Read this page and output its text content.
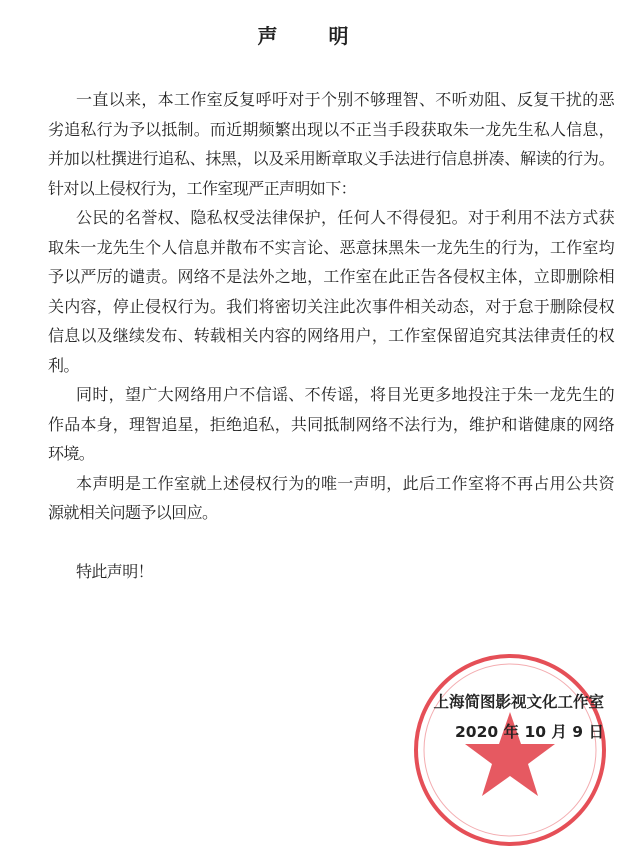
声 明
一直以来，本工作室反复呼吁对于个别不够理智、不听劝阻、反复干扰的恶
劣追私行为予以抵制。而近期频繁出现以不正当手段获取朱一龙先生私人信息，
并加以杜撰进行追私、抹黑，以及采用断章取义手法进行信息拼凑、解读的行为。
针对以上侵权行为，工作室现严正声明如下：
公民的名誉权、隐私权受法律保护，任何人不得侵犯。对于利用不法方式获
取朱一龙先生个人信息并散布不实言论、恶意抹黑朱一龙先生的行为，工作室均
予以严厉的谴责。网络不是法外之地，工作室在此正告各侵权主体，立即删除相
关内容，停止侵权行为。我们将密切关注此次事件相关动态，对于怠于删除侵权
信息以及继续发布、转载相关内容的网络用户，工作室保留追究其法律责任的权
利。
同时，望广大网络用户不信谣、不传谣，将目光更多地投注于朱一龙先生的
作品本身，理智追星，拒绝追私，共同抵制网络不法行为，维护和谐健康的网络
环境。
本声明是工作室就上述侵权行为的唯一声明，此后工作室将不再占用公共资
源就相关问题予以回应。
特此声明！
上海简图影视文化工作室
2020 年 10 月 9 日
